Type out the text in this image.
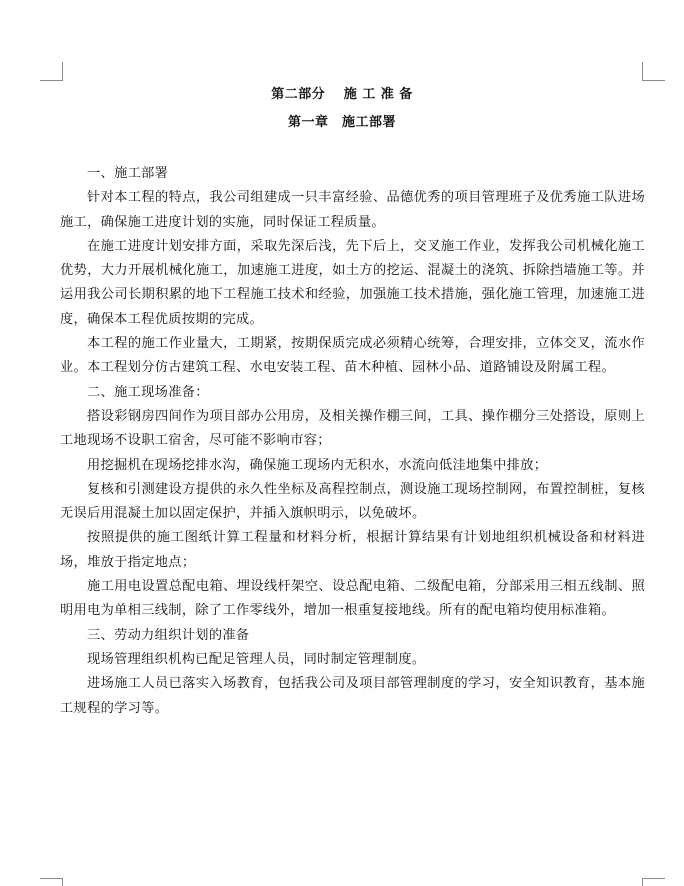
第二部分　 施 工 准 备
第一章　施工部署

一、施工部署

针对本工程的特点，我公司组建成一只丰富经验、品德优秀的项目管理班子及优秀施工队进场施工，确保施工进度计划的实施，同时保证工程质量。

在施工进度计划安排方面，采取先深后浅，先下后上，交叉施工作业，发挥我公司机械化施工优势，大力开展机械化施工，加速施工进度，如土方的挖运、混凝土的浇筑、拆除挡墙施工等。并运用我公司长期积累的地下工程施工技术和经验，加强施工技术措施，强化施工管理，加速施工进度，确保本工程优质按期的完成。

本工程的施工作业量大，工期紧，按期保质完成必须精心统筹，合理安排，立体交叉，流水作业。本工程划分仿古建筑工程、水电安装工程、苗木种植、园林小品、道路铺设及附属工程。

二、施工现场准备：

搭设彩钢房四间作为项目部办公用房，及相关操作棚三间，工具、操作棚分三处搭设，原则上工地现场不设职工宿舍，尽可能不影响市容；

用挖掘机在现场挖排水沟，确保施工现场内无积水，水流向低洼地集中排放；

复核和引测建设方提供的永久性坐标及高程控制点，测设施工现场控制网，布置控制桩，复核无误后用混凝土加以固定保护，并插入旗帜明示，以免破坏。

按照提供的施工图纸计算工程量和材料分析，根据计算结果有计划地组织机械设备和材料进场，堆放于指定地点；

施工用电设置总配电箱、埋设线杆架空、设总配电箱、二级配电箱，分部采用三相五线制、照明用电为单相三线制，除了工作零线外，增加一根重复接地线。所有的配电箱均使用标准箱。

三、劳动力组织计划的准备

现场管理组织机构已配足管理人员，同时制定管理制度。

进场施工人员已落实入场教育，包括我公司及项目部管理制度的学习，安全知识教育，基本施工规程的学习等。
